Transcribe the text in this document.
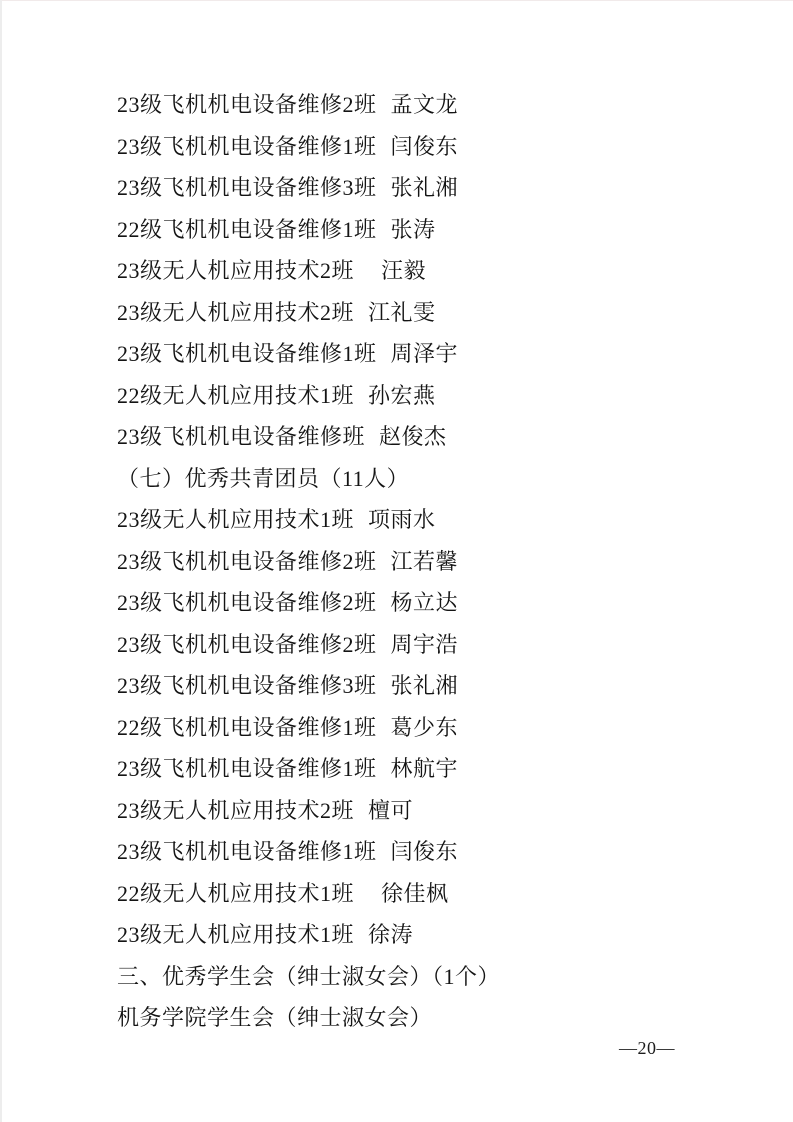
23级飞机机电设备维修2班 孟文龙
23级飞机机电设备维修1班 闫俊东
23级飞机机电设备维修3班 张礼湘
22级飞机机电设备维修1班 张涛
23级无人机应用技术2班 汪毅
23级无人机应用技术2班 江礼雯
23级飞机机电设备维修1班 周泽宇
22级无人机应用技术1班 孙宏燕
23级飞机机电设备维修班 赵俊杰
（七）优秀共青团员（11人）
23级无人机应用技术1班 项雨水
23级飞机机电设备维修2班 江若馨
23级飞机机电设备维修2班 杨立达
23级飞机机电设备维修2班 周宇浩
23级飞机机电设备维修3班 张礼湘
22级飞机机电设备维修1班 葛少东
23级飞机机电设备维修1班 林航宇
23级无人机应用技术2班 檀可
23级飞机机电设备维修1班 闫俊东
22级无人机应用技术1班 徐佳枫
23级无人机应用技术1班 徐涛
三、优秀学生会（绅士淑女会）（1个）
机务学院学生会（绅士淑女会）
—20—
